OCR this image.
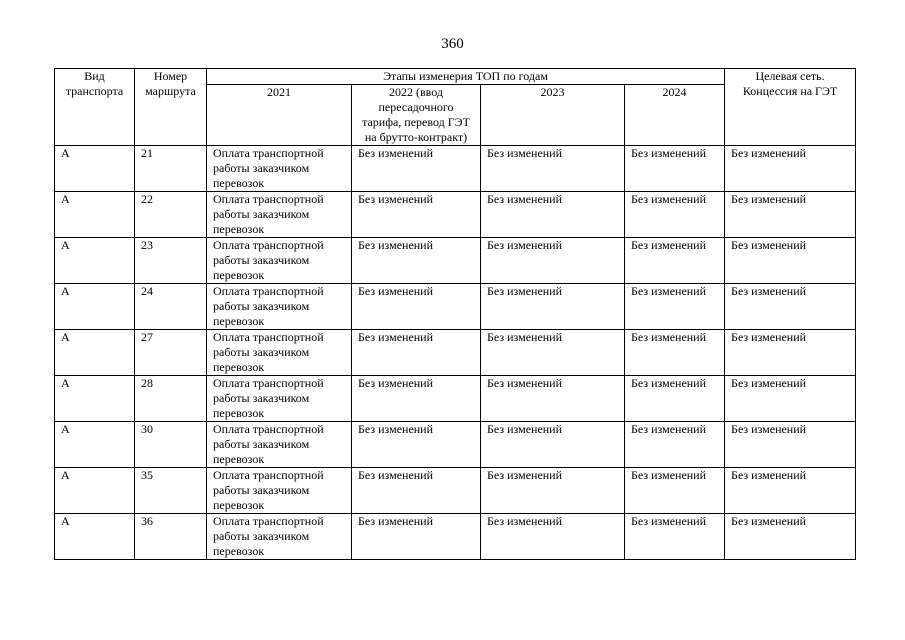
360
Вид транспорта	Номер маршрута	Этапы изменерия ТОП по годам				Целевая сеть. Концессия на ГЭТ
		2021	2022 (ввод пересадочного тарифа, перевод ГЭТ на брутто-контракт)	2023	2024	
А	21	Оплата транспортной работы заказчиком перевозок	Без изменений	Без изменений	Без изменений	Без изменений
А	22	Оплата транспортной работы заказчиком перевозок	Без изменений	Без изменений	Без изменений	Без изменений
А	23	Оплата транспортной работы заказчиком перевозок	Без изменений	Без изменений	Без изменений	Без изменений
А	24	Оплата транспортной работы заказчиком перевозок	Без изменений	Без изменений	Без изменений	Без изменений
А	27	Оплата транспортной работы заказчиком перевозок	Без изменений	Без изменений	Без изменений	Без изменений
А	28	Оплата транспортной работы заказчиком перевозок	Без изменений	Без изменений	Без изменений	Без изменений
А	30	Оплата транспортной работы заказчиком перевозок	Без изменений	Без изменений	Без изменений	Без изменений
А	35	Оплата транспортной работы заказчиком перевозок	Без изменений	Без изменений	Без изменений	Без изменений
А	36	Оплата транспортной работы заказчиком перевозок	Без изменений	Без изменений	Без изменений	Без изменений
